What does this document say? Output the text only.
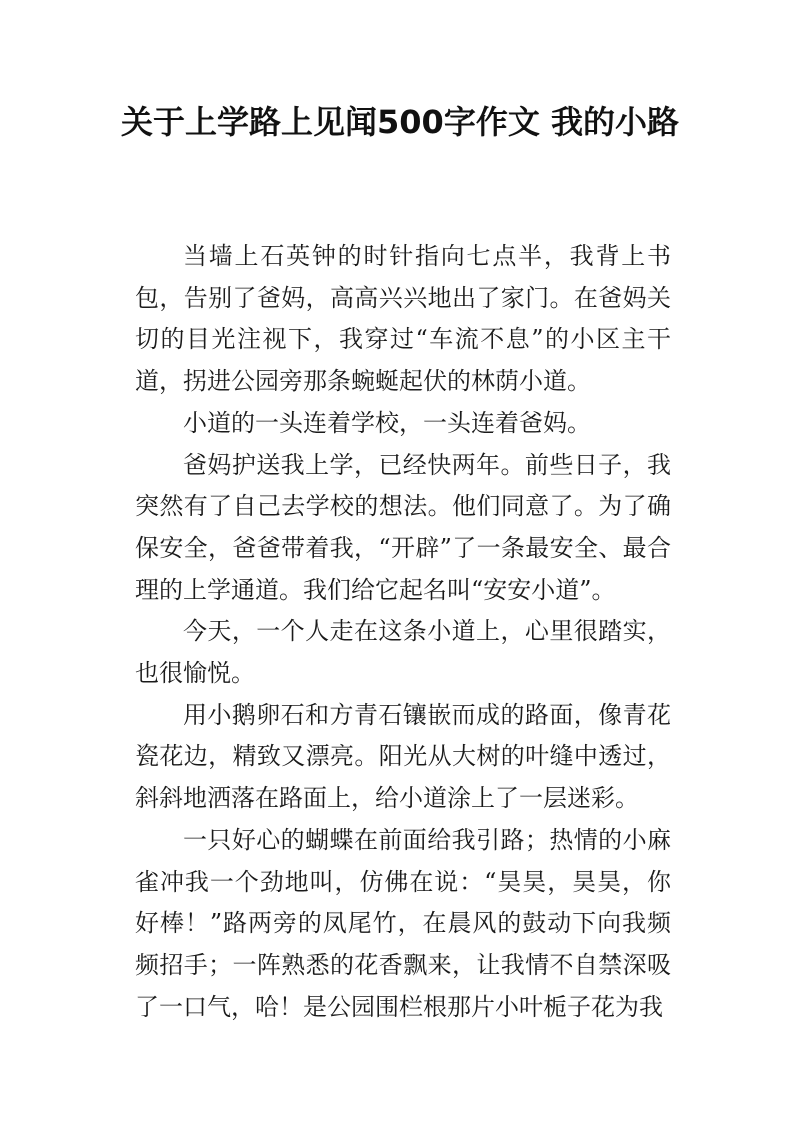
关于上学路上见闻500字作文 我的小路

当墙上石英钟的时针指向七点半，我背上书包，告别了爸妈，高高兴兴地出了家门。在爸妈关切的目光注视下，我穿过“车流不息”的小区主干道，拐进公园旁那条蜿蜒起伏的林荫小道。

小道的一头连着学校，一头连着爸妈。

爸妈护送我上学，已经快两年。前些日子，我突然有了自己去学校的想法。他们同意了。为了确保安全，爸爸带着我，“开辟”了一条最安全、最合理的上学通道。我们给它起名叫“安安小道”。

今天，一个人走在这条小道上，心里很踏实，也很愉悦。

用小鹅卵石和方青石镶嵌而成的路面，像青花瓷花边，精致又漂亮。阳光从大树的叶缝中透过，斜斜地洒落在路面上，给小道涂上了一层迷彩。

一只好心的蝴蝶在前面给我引路；热情的小麻雀冲我一个劲地叫，仿佛在说：“昊昊，昊昊，你好棒！”路两旁的凤尾竹，在晨风的鼓动下向我频频招手；一阵熟悉的花香飘来，让我情不自禁深吸了一口气，哈！是公园围栏根那片小叶栀子花为我
